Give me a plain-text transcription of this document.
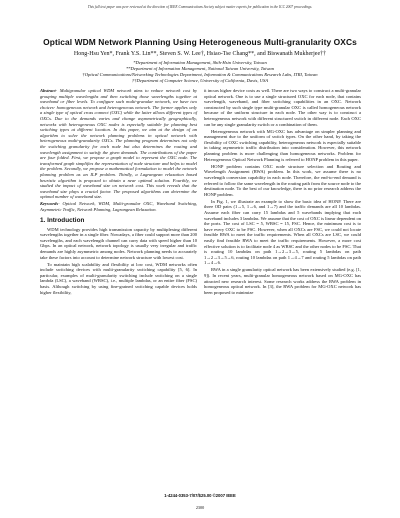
This full text paper was peer reviewed at the direction of IEEE Communications Society subject matter experts for publication in the ICC 2007 proceedings.
Optical WDM Network Planning Using Heterogeneous Multi-granularity OXCs
Hong-Hsu Yen*, Frank Y.S. Lin**, Steven S. W. Lee†, Hsiao-Tse Chang**, and Biswanath Mukherjee††
*Department of Information Management, Shih-Hsin University, Taiwan
**Department of Information Management, National Taiwan University, Taiwan
†Optical Communications/Networking Technologies Department, Information & Communications Research Labs, ITRI, Taiwan
††Department of Computer Science, University of California, Davis, USA

Abstract- Multigranular optical WDM network aims to reduce network cost by grouping multiple wavelengths and then switching those wavelengths together at waveband or fiber levels. To configure such multi-granular network, we have two choices- homogeneous network and heterogeneous network. The former applies only a single type of optical cross connect (OXC) while the latter allows different types of OXCs. Due to the demands varies and change asymmetrically geographically, networks with heterogeneous OXC nodes is especially suitable for planning best switching types at different location. In this paper, we aim at the design of an algorithm to solve the network planning problems in optical network with heterogeneous multi-granularity OXCs. The planning program determines not only the switching granularity for each node but also determines the routing and wavelength assignment to satisfy the given demands. The contributions of the paper are four folded. First, we propose a graph model to represent the OXC node. The transformed graph simplifies the representation of node structure and helps to model the problem. Secondly, we propose a mathematical formulation to model the network planning problem as an ILP problem. Thirdly, a Lagrangean relaxation based heuristic algorithm is proposed to obtain a near optimal solution. Fourthly, we studied the impact of waveband size on network cost. This work reveals that the waveband size plays a crucial factor. The proposed algorithms can determine the optimal number of waveband size.

Keywords- Optical Network, WDM, Multi-granular OXC, Waveband Switching, Asymmetric Traffic, Network Planning, Lagrangean Relaxation.

1. Introduction

WDM technology provides high transmission capacity by multiplexing different wavelengths together in a single fiber. Nowadays, a fiber could support more than 200 wavelengths, and each wavelength channel can carry data with speed higher than 10 Gbps. In an optical network, network topology is usually very irregular and traffic demands are highly asymmetric among nodes. Network planning needs to accurately take these factors into account to determine network structure with lowest cost.

To maintain high scalability and flexibility at low cost, WDM networks often include switching devices with multi-granularity switching capability [5, 6]. In particular, examples of multi-granularity switching include switching on a single lambda (LSC), a waveband (WBSC), i.e., multiple lambdas, or an entire fiber (FSC) basis. Although switching by using fine-grained switching capable devices holds higher flexibility,

it incurs higher device costs as well. There are two ways to construct a multi-granular optical network. One is to use a single structured OXC for each node, that contains wavelength, waveband, and fiber switching capabilities in an OXC. Network constructed by such single type multi-granular OXC is called homogeneous network because of the uniform structure in each node. The other way is to construct a heterogeneous network with different structured switch in different node. Each OXC can be any single granularity switch or a combination of them.

Heterogeneous network with MG-OXC has advantage on simpler planning and management due to the uniform of switch types. On the other hand, by taking the flexibility of OXC switching capability, heterogeneous network is especially suitable in taking asymmetric traffic distribution into consideration. However, this network planning problem is more challenging than homogeneous networks. Problem for Heterogeneous Optical Network Planning is referred to HONP problem in this paper.

HONP problem contains OXC node structure selection and Routing and Wavelength Assignment (RWA) problem. In this work, we assume there is no wavelength conversion capability in each node. Therefore, the end-to-end demand is referred to follow the same wavelength in the routing path from the source node to the destination node. To the best of our knowledge, there is no prior research address the HONP problem.

In Fig. 1, we illustrate an example to show the basic idea of HONP. There are three OD pairs (1→5, 1→6, and 1→7) and the traffic demands are all 10 lambdas. Assume each fiber can carry 15 lambdas and 5 wavebands implying that each waveband includes 3 lambdas. We assume that the cost of OXC is linear dependent on the ports. The cost of LSC = 5, WBSC = 15, FSC. Hence, the minimum cost is to have every OXC to be FSC. However, when all OXCs are FSC, we could not locate feasible RWA to meet the traffic requirements. When all OXCs are LSC, we could easily find feasible RWA to meet the traffic requirements. However, a more cost effective solution is to facilitate node 4 as WBSC and the other nodes to be FSC. That is routing 10 lambdas on path 1→2→3→5, routing 5 lambdas on path 1→2→3→5→6, routing 10 lambdas on path 1→4→7 and routing 5 lambdas on path 1→4→6.

RWA in a single granularity optical network has been extensively studied (e.g. [1, 9]). In recent years, multi-granular homogeneous network based on MG-OXC has attracted new research interest. Some research works address the RWA problem in homogeneous optical network. In [3], the RWA problem for MG-OXC network has been proposed to minimize

1-4244-0353-7/07/$25.00 ©2007 IEEE
2300
